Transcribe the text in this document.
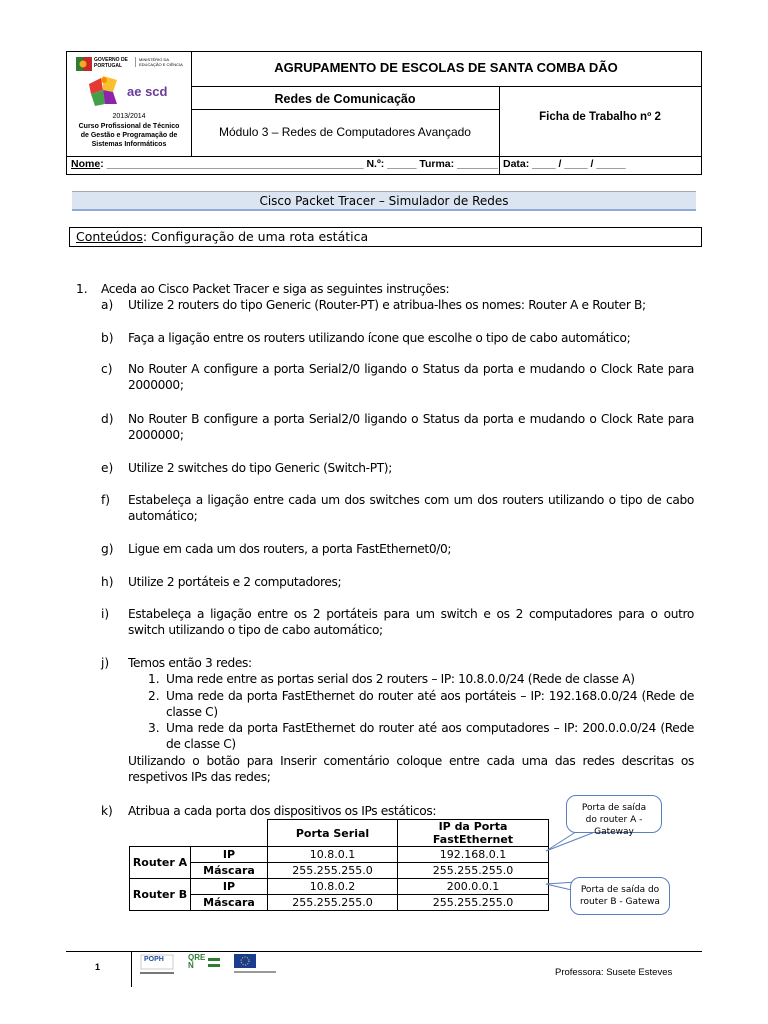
GOVERNO DE PORTUGAL
MINISTÉRIO DA EDUCAÇÃO E CIÊNCIA
ae scd
2013/2014
Curso Profissional de Técnico
de Gestão e Programação de
Sistemas Informáticos
AGRUPAMENTO DE ESCOLAS DE SANTA COMBA DÃO
Redes de Comunicação
Módulo 3 – Redes de Computadores Avançado
Ficha de Trabalho nº 2
Nome: ____________________________________________ N.º: _____ Turma: _______ Data: ____ / ____ / _____
Cisco Packet Tracer – Simulador de Redes
Conteúdos: Configuração de uma rota estática
1. Aceda ao Cisco Packet Tracer e siga as seguintes instruções:
a) Utilize 2 routers do tipo Generic (Router-PT) e atribua-lhes os nomes: Router A e Router B;
b) Faça a ligação entre os routers utilizando ícone que escolhe o tipo de cabo automático;
c) No Router A configure a porta Serial2/0 ligando o Status da porta e mudando o Clock Rate para 2000000;
d) No Router B configure a porta Serial2/0 ligando o Status da porta e mudando o Clock Rate para 2000000;
e) Utilize 2 switches do tipo Generic (Switch-PT);
f) Estabeleça a ligação entre cada um dos switches com um dos routers utilizando o tipo de cabo automático;
g) Ligue em cada um dos routers, a porta FastEthernet0/0;
h) Utilize 2 portáteis e 2 computadores;
i) Estabeleça a ligação entre os 2 portáteis para um switch e os 2 computadores para o outro switch utilizando o tipo de cabo automático;
j) Temos então 3 redes:
1. Uma rede entre as portas serial dos 2 routers – IP: 10.8.0.0/24 (Rede de classe A)
2. Uma rede da porta FastEthernet do router até aos portáteis – IP: 192.168.0.0/24 (Rede de classe C)
3. Uma rede da porta FastEthernet do router até aos computadores – IP: 200.0.0.0/24 (Rede de classe C)
Utilizando o botão para Inserir comentário coloque entre cada uma das redes descritas os respetivos IPs das redes;
k) Atribua a cada porta dos dispositivos os IPs estáticos:
		Porta Serial	IP da Porta FastEthernet
Router A	IP	10.8.0.1	192.168.0.1
	Máscara	255.255.255.0	255.255.255.0
Router B	IP	10.8.0.2	200.0.0.1
	Máscara	255.255.255.0	255.255.255.0
Porta de saída do router A - Gateway
Porta de saída do router B - Gatewa
1
POPH	QREN
Professora: Susete Esteves
